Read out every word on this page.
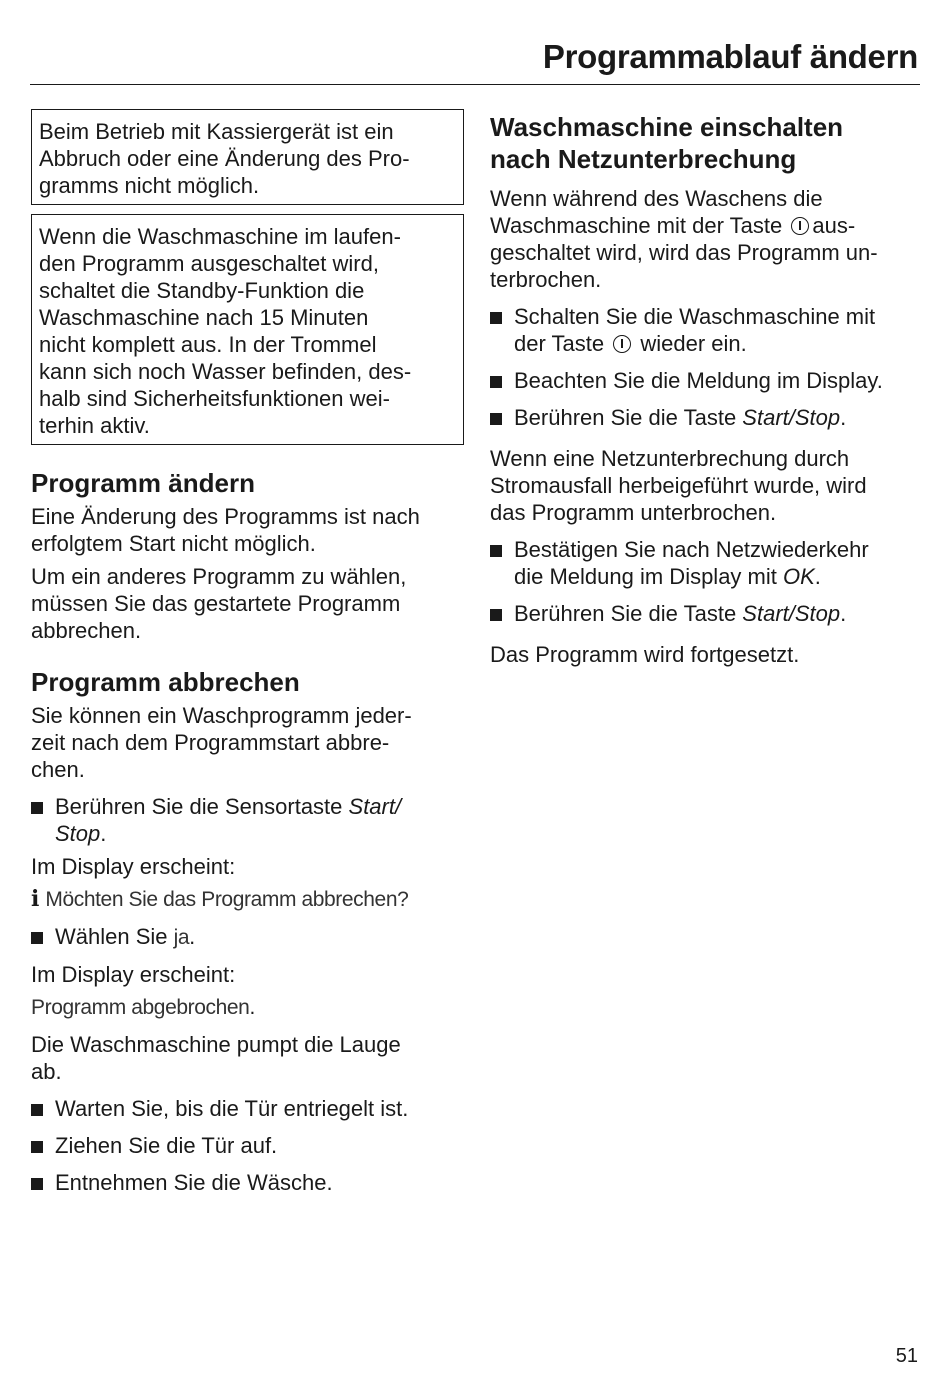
Programmablauf ändern
Beim Betrieb mit Kassiergerät ist ein
Abbruch oder eine Änderung des Pro-
gramms nicht möglich.
Wenn die Waschmaschine im laufen-
den Programm ausgeschaltet wird,
schaltet die Standby-Funktion die
Waschmaschine nach 15 Minuten
nicht komplett aus. In der Trommel
kann sich noch Wasser befinden, des-
halb sind Sicherheitsfunktionen wei-
terhin aktiv.
Programm ändern

Eine Änderung des Programms ist nach
erfolgtem Start nicht möglich.

Um ein anderes Programm zu wählen,
müssen Sie das gestartete Programm
abbrechen.

Programm abbrechen

Sie können ein Waschprogramm jeder-
zeit nach dem Programmstart abbre-
chen.

Berühren Sie die Sensortaste Start/
Stop.

Im Display erscheint:

i Möchten Sie das Programm abbrechen?
Wählen Sie ja.

Im Display erscheint:

Programm abgebrochen.

Die Waschmaschine pumpt die Lauge
ab.

Warten Sie, bis die Tür entriegelt ist.
Ziehen Sie die Tür auf.
Entnehmen Sie die Wäsche.
Waschmaschine einschalten
nach Netzunterbrechung

Wenn während des Waschens die
Waschmaschine mit der Taste aus-
geschaltet wird, wird das Programm un-
terbrochen.

Schalten Sie die Waschmaschine mit
der Taste wieder ein.
Beachten Sie die Meldung im Display.
Berühren Sie die Taste Start/Stop.

Wenn eine Netzunterbrechung durch
Stromausfall herbeigeführt wurde, wird
das Programm unterbrochen.

Bestätigen Sie nach Netzwiederkehr
die Meldung im Display mit OK.
Berühren Sie die Taste Start/Stop.

Das Programm wird fortgesetzt.

51
